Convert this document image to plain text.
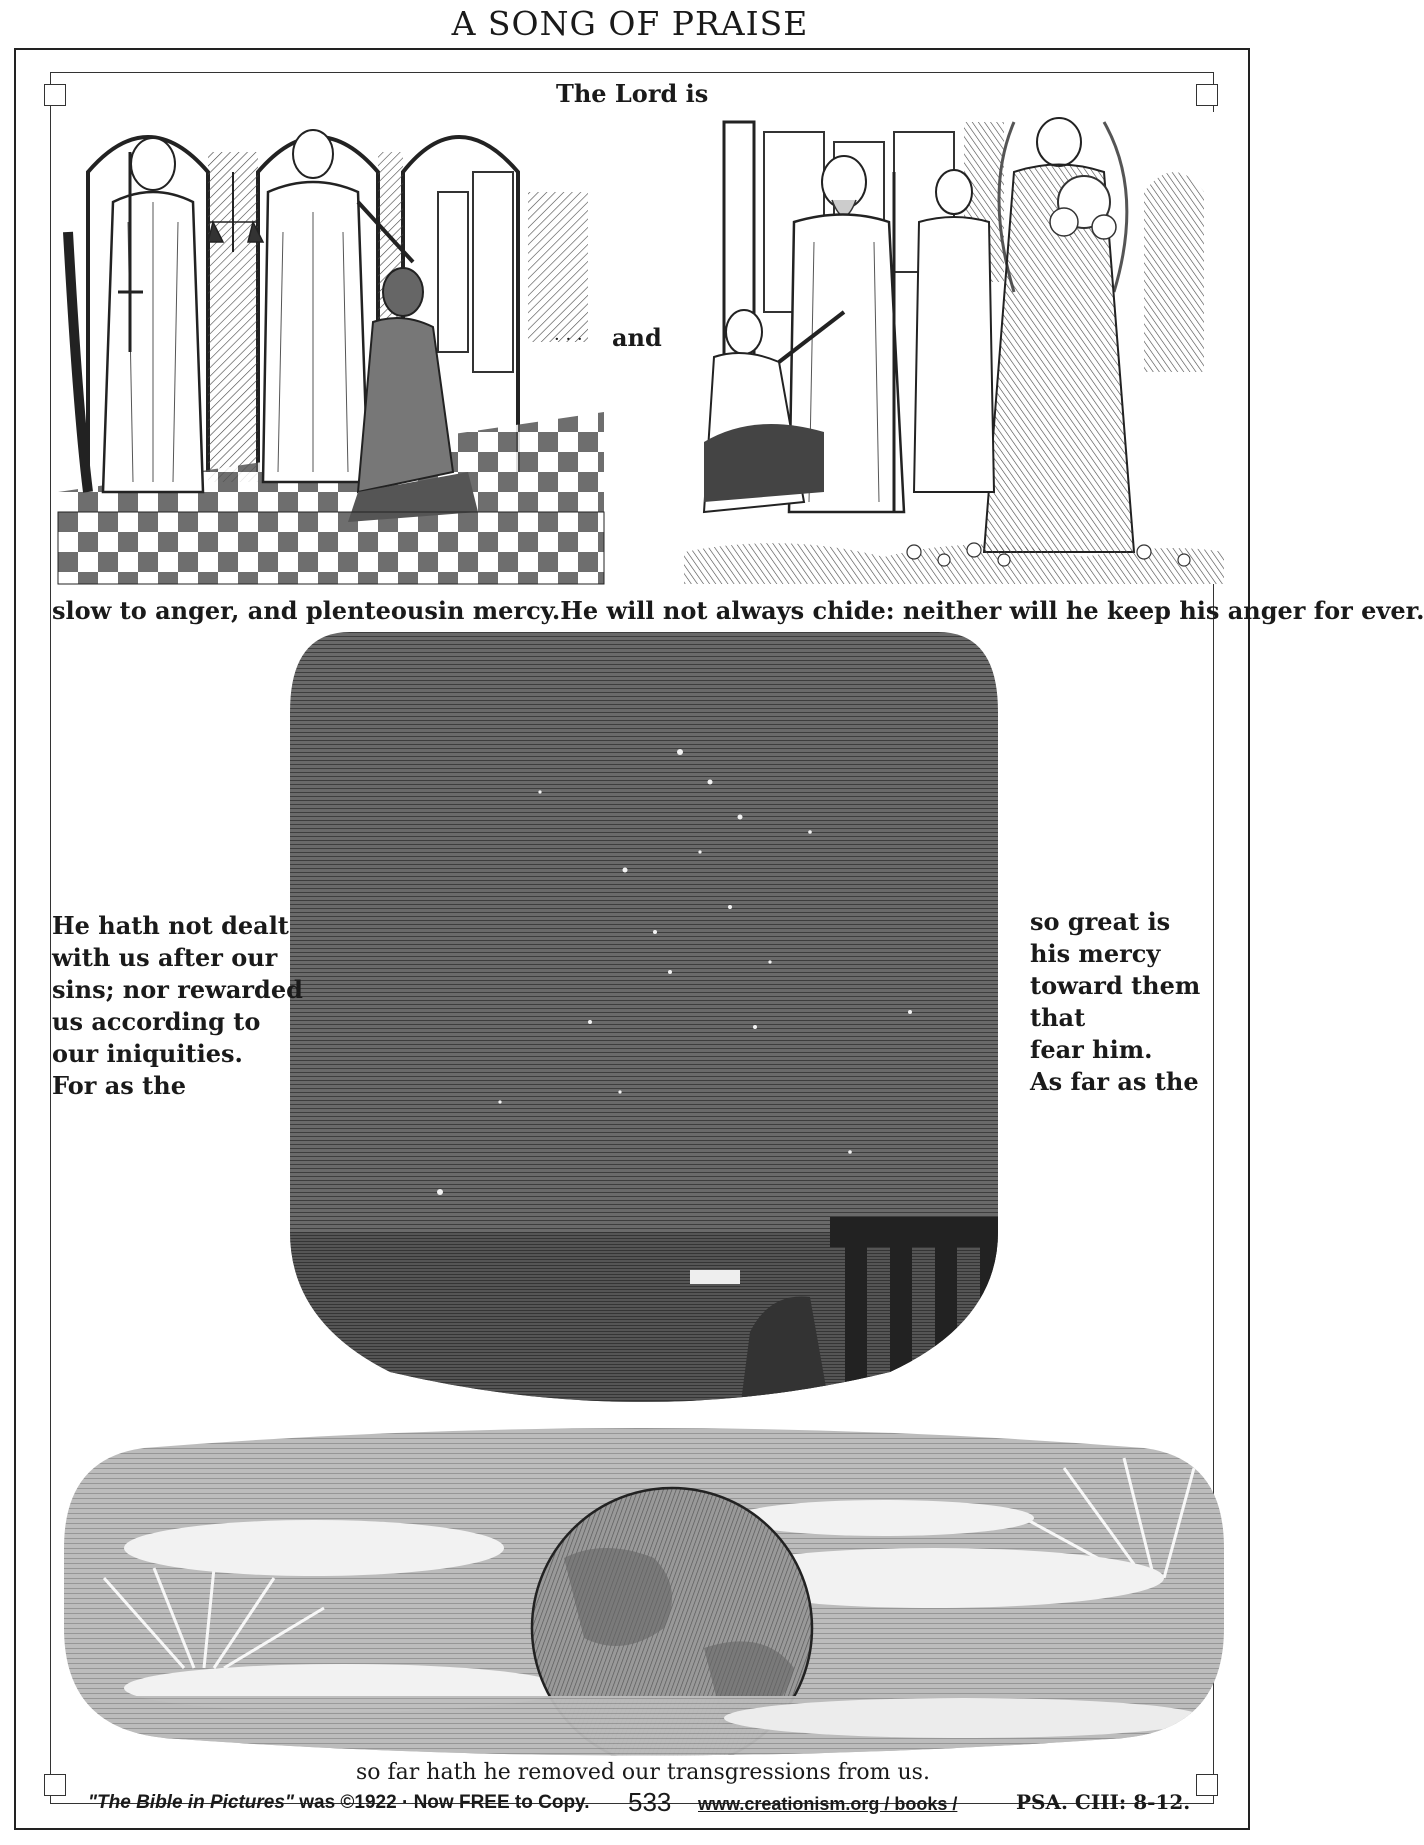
A SONG OF PRAISE
The Lord is
· · · and
slow to anger, and plenteousin mercy.He will not always chide: neither will he keep his anger for ever.
He hath not dealt
with us after our
sins; nor rewarded
us according to
our iniquities.
For as the
so great is
his mercy
toward them
that
fear him.
As far as the
so far hath he removed our transgressions from us.
"The Bible in Pictures" was ©1922 · Now FREE to Copy. 533 www.creationism.org / books /	PSA. CIII: 8-12.
